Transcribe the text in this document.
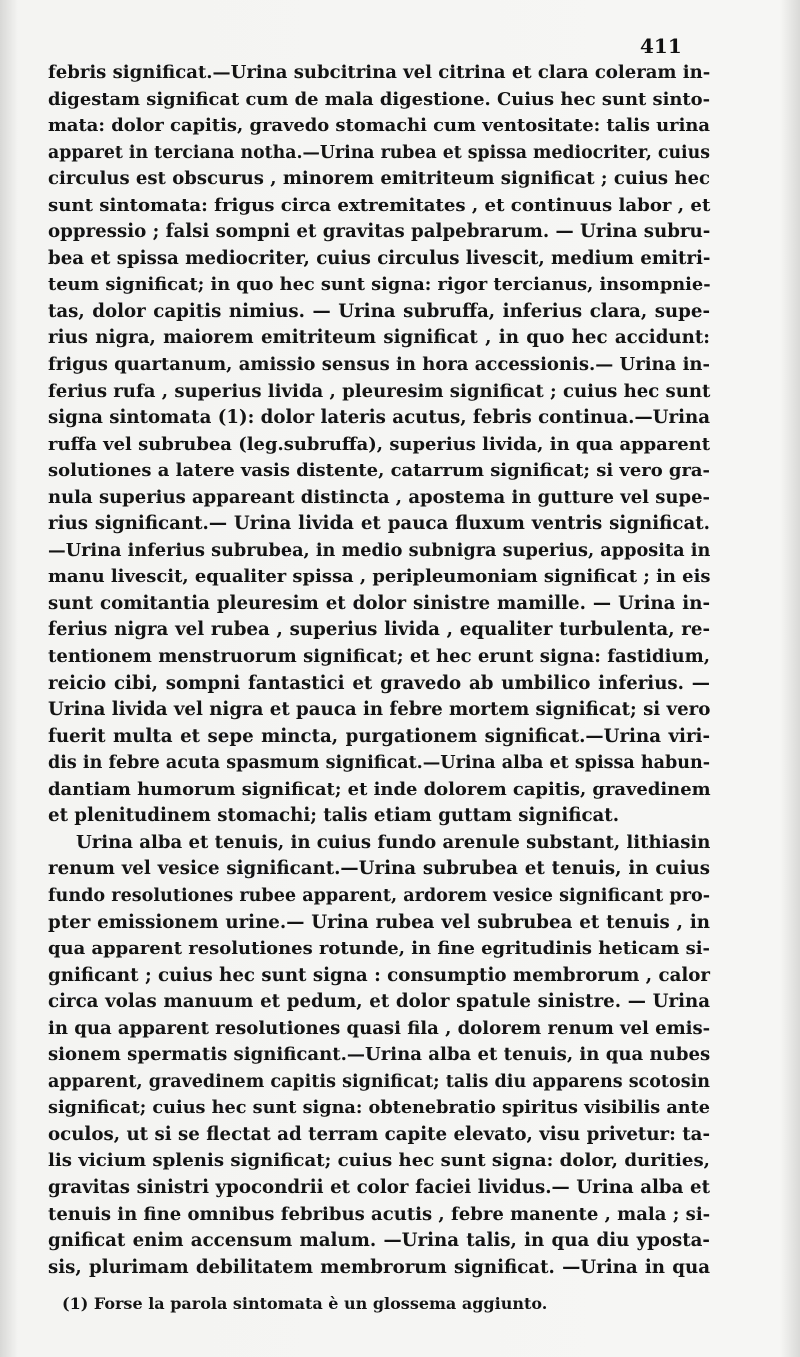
411
febris significat.—Urina subcitrina vel citrina et clara coleram in-
digestam significat cum de mala digestione. Cuius hec sunt sinto-
mata: dolor capitis, gravedo stomachi cum ventositate: talis urina
apparet in terciana notha.—Urina rubea et spissa mediocriter, cuius
circulus est obscurus , minorem emitriteum significat ; cuius hec
sunt sintomata: frigus circa extremitates , et continuus labor , et
oppressio ; falsi sompni et gravitas palpebrarum. — Urina subru-
bea et spissa mediocriter, cuius circulus livescit, medium emitri-
teum significat; in quo hec sunt signa: rigor tercianus, insompnie-
tas, dolor capitis nimius. — Urina subruffa, inferius clara, supe-
rius nigra, maiorem emitriteum significat , in quo hec accidunt:
frigus quartanum, amissio sensus in hora accessionis.— Urina in-
ferius rufa , superius livida , pleuresim significat ; cuius hec sunt
signa sintomata (1): dolor lateris acutus, febris continua.—Urina
ruffa vel subrubea (leg.subruffa), superius livida, in qua apparent
solutiones a latere vasis distente, catarrum significat; si vero gra-
nula superius appareant distincta , apostema in gutture vel supe-
rius significant.— Urina livida et pauca fluxum ventris significat.
—Urina inferius subrubea, in medio subnigra superius, apposita in
manu livescit, equaliter spissa , peripleumoniam significat ; in eis
sunt comitantia pleuresim et dolor sinistre mamille. — Urina in-
ferius nigra vel rubea , superius livida , equaliter turbulenta, re-
tentionem menstruorum significat; et hec erunt signa: fastidium,
reicio cibi, sompni fantastici et gravedo ab umbilico inferius. —
Urina livida vel nigra et pauca in febre mortem significat; si vero
fuerit multa et sepe mincta, purgationem significat.—Urina viri-
dis in febre acuta spasmum significat.—Urina alba et spissa habun-
dantiam humorum significat; et inde dolorem capitis, gravedinem
et plenitudinem stomachi; talis etiam guttam significat.
Urina alba et tenuis, in cuius fundo arenule substant, lithiasin
renum vel vesice significant.—Urina subrubea et tenuis, in cuius
fundo resolutiones rubee apparent, ardorem vesice significant pro-
pter emissionem urine.— Urina rubea vel subrubea et tenuis , in
qua apparent resolutiones rotunde, in fine egritudinis heticam si-
gnificant ; cuius hec sunt signa : consumptio membrorum , calor
circa volas manuum et pedum, et dolor spatule sinistre. — Urina
in qua apparent resolutiones quasi fila , dolorem renum vel emis-
sionem spermatis significant.—Urina alba et tenuis, in qua nubes
apparent, gravedinem capitis significat; talis diu apparens scotosin
significat; cuius hec sunt signa: obtenebratio spiritus visibilis ante
oculos, ut si se flectat ad terram capite elevato, visu privetur: ta-
lis vicium splenis significat; cuius hec sunt signa: dolor, durities,
gravitas sinistri ypocondrii et color faciei lividus.— Urina alba et
tenuis in fine omnibus febribus acutis , febre manente , mala ; si-
gnificat enim accensum malum. —Urina talis, in qua diu yposta-
sis, plurimam debilitatem membrorum significat. —Urina in qua
(1) Forse la parola sintomata è un glossema aggiunto.
